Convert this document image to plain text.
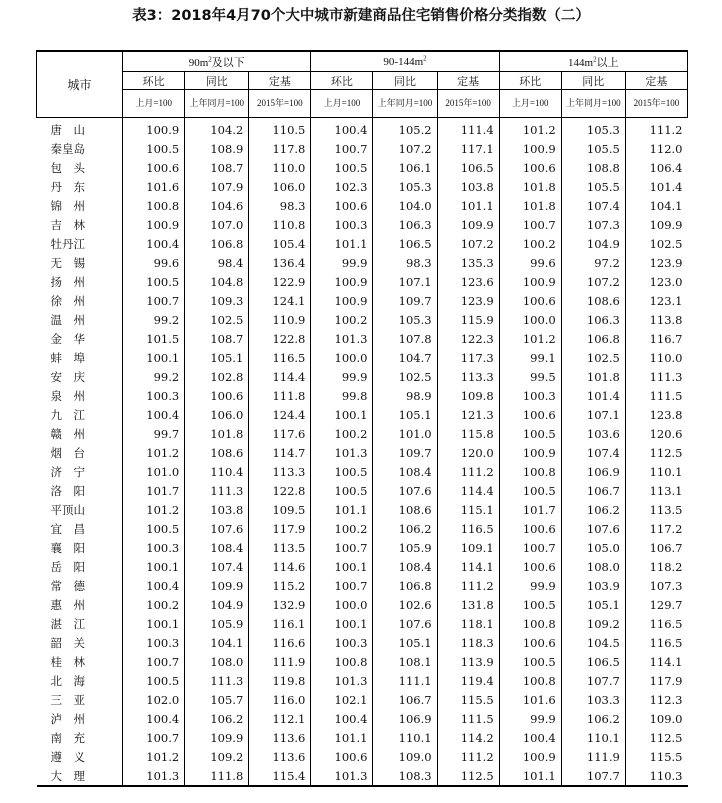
表3：2018年4月70个大中城市新建商品住宅销售价格分类指数（二）
城市	$90m^2$及以下			$90-144m^2$			$144m^2$以上		
	环比	同比	定基	环比	同比	定基	环比	同比	定基
	上月=100	上年同月=100	2015年=100	上月=100	上年同月=100	2015年=100	上月=100	上年同月=100	2015年=100
唐　山	100.9	104.2	110.5	100.4	105.2	111.4	101.2	105.3	111.2
秦皇岛	100.5	108.9	117.8	100.7	107.2	117.1	100.9	105.5	112.0
包　头	100.6	108.7	110.0	100.5	106.1	106.5	100.6	108.8	106.4
丹　东	101.6	107.9	106.0	102.3	105.3	103.8	101.8	105.5	101.4
锦　州	100.8	104.6	98.3	100.6	104.0	101.1	101.8	107.4	104.1
吉　林	100.9	107.0	110.8	100.3	106.3	109.9	100.7	107.3	109.9
牡丹江	100.4	106.8	105.4	101.1	106.5	107.2	100.2	104.9	102.5
无　锡	99.6	98.4	136.4	99.9	98.3	135.3	99.6	97.2	123.9
扬　州	100.5	104.8	122.9	100.9	107.1	123.6	100.9	107.2	123.0
徐　州	100.7	109.3	124.1	100.9	109.7	123.9	100.6	108.6	123.1
温　州	99.2	102.5	110.9	100.2	105.3	115.9	100.0	106.3	113.8
金　华	101.5	108.7	122.8	101.3	107.8	122.3	101.2	106.8	116.7
蚌　埠	100.1	105.1	116.5	100.0	104.7	117.3	99.1	102.5	110.0
安　庆	99.2	102.8	114.4	99.9	102.5	113.3	99.5	101.8	111.3
泉　州	100.3	100.6	111.8	99.8	98.9	109.8	100.3	101.4	111.5
九　江	100.4	106.0	124.4	100.1	105.1	121.3	100.6	107.1	123.8
赣　州	99.7	101.8	117.6	100.2	101.0	115.8	100.5	103.6	120.6
烟　台	101.2	108.6	114.7	101.3	109.7	120.0	100.9	107.4	112.5
济　宁	101.0	110.4	113.3	100.5	108.4	111.2	100.8	106.9	110.1
洛　阳	101.7	111.3	122.8	100.5	107.6	114.4	100.5	106.7	113.1
平顶山	101.2	103.8	109.5	101.1	108.6	115.1	101.7	106.2	113.5
宜　昌	100.5	107.6	117.9	100.2	106.2	116.5	100.6	107.6	117.2
襄　阳	100.3	108.4	113.5	100.7	105.9	109.1	100.7	105.0	106.7
岳　阳	100.1	107.4	114.6	100.1	108.4	114.1	100.6	108.0	118.2
常　德	100.4	109.9	115.2	100.7	106.8	111.2	99.9	103.9	107.3
惠　州	100.2	104.9	132.9	100.0	102.6	131.8	100.5	105.1	129.7
湛　江	100.1	105.9	116.1	100.1	107.6	118.1	100.8	109.2	116.5
韶　关	100.3	104.1	116.6	100.3	105.1	118.3	100.6	104.5	116.5
桂　林	100.7	108.0	111.9	100.8	108.1	113.9	100.5	106.5	114.1
北　海	100.5	111.3	119.8	101.3	111.1	119.4	100.8	107.7	117.9
三　亚	102.0	105.7	116.0	102.1	106.7	115.5	101.6	103.3	112.3
泸　州	100.4	106.2	112.1	100.4	106.9	111.5	99.9	106.2	109.0
南　充	100.7	109.9	113.6	101.1	110.1	114.2	100.4	110.1	112.5
遵　义	101.2	109.2	113.6	100.6	109.0	111.2	100.9	111.9	115.5
大　理	101.3	111.8	115.4	101.3	108.3	112.5	101.1	107.7	110.3
